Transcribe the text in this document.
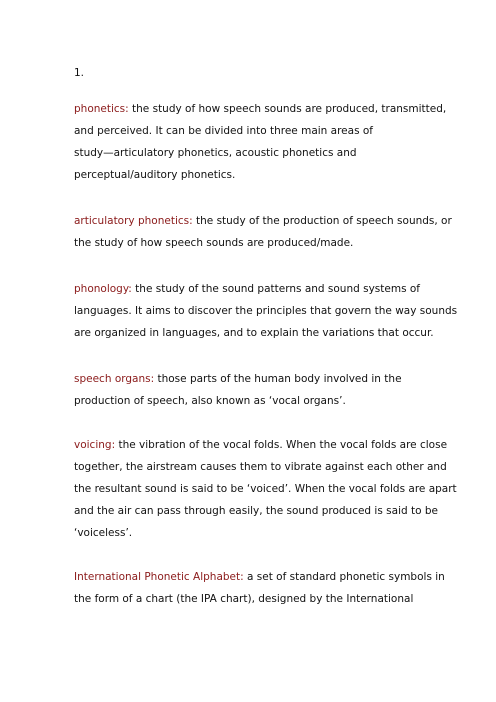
1.
phonetics: the study of how speech sounds are produced, transmitted,
and perceived. It can be divided into three main areas of
study—articulatory phonetics, acoustic phonetics and
perceptual/auditory phonetics.
articulatory phonetics: the study of the production of speech sounds, or
the study of how speech sounds are produced/made.
phonology: the study of the sound patterns and sound systems of
languages. It aims to discover the principles that govern the way sounds
are organized in languages, and to explain the variations that occur.
speech organs: those parts of the human body involved in the
production of speech, also known as ‘vocal organs’.
voicing: the vibration of the vocal folds. When the vocal folds are close
together, the airstream causes them to vibrate against each other and
the resultant sound is said to be ‘voiced’. When the vocal folds are apart
and the air can pass through easily, the sound produced is said to be
‘voiceless’.
International Phonetic Alphabet: a set of standard phonetic symbols in
the form of a chart (the IPA chart), designed by the International
